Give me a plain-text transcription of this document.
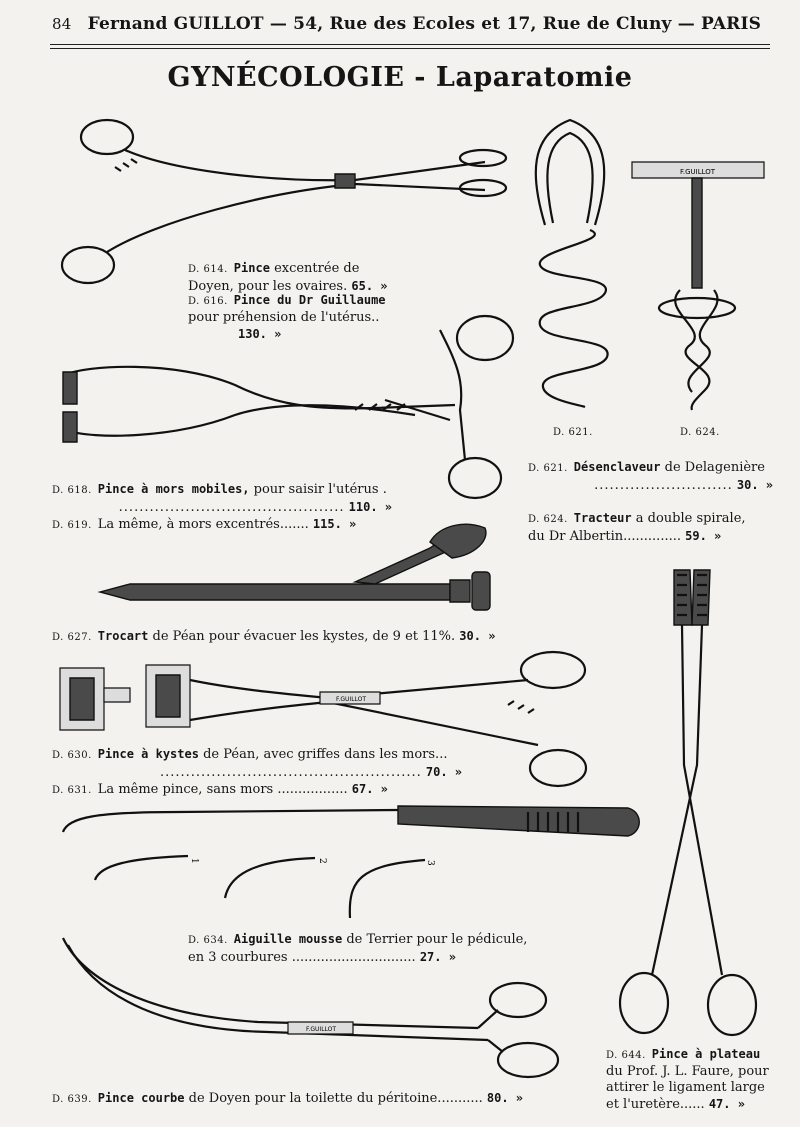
84 Fernand GUILLOT — 54, Rue des Ecoles et 17, Rue de Cluny — PARIS
GYNÉCOLOGIE - Laparatomie
D. 614. Pince excentrée de
Doyen, pour les ovaires. 65. »
D. 616. Pince du Dr Guillaume
pour préhension de l'utérus..
130. »
D. 621.
F.GUILLOT
D. 624.
D. 618. Pince à mors mobiles, pour saisir l'utérus .
............................................ 110. »
D. 619. La même, à mors excentrés....... 115. »
D. 621. Désenclaveur de Delagenière
........................... 30. »
D. 624. Tracteur a double spirale,
du Dr Albertin.............. 59. »
D. 627. Trocart de Péan pour évacuer les kystes, de 9 et 11%. 30. »
F.GUILLOT
D. 630. Pince à kystes de Péan, avec griffes dans les mors...
................................................... 70. »
D. 631. La même pince, sans mors ................. 67. »
1	2	3
D. 634. Aiguille mousse de Terrier pour le pédicule,
en 3 courbures .............................. 27. »
F.GUILLOT
D. 639. Pince courbe de Doyen pour la toilette du péritoine........... 80. »
D. 644. Pince à plateau
du Prof. J. L. Faure, pour
attirer le ligament large
et l'uretère...... 47. »
